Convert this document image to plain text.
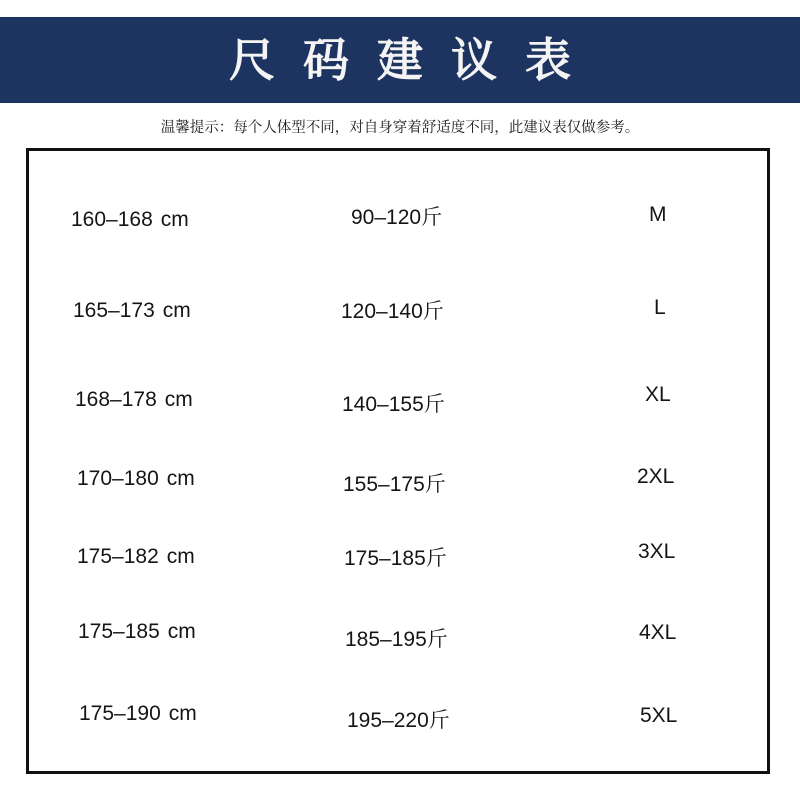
尺码建议表
温馨提示：每个人体型不同，对自身穿着舒适度不同，此建议表仅做参考。
160–168 cm	90–120斤	M
165–173 cm	120–140斤	L
168–178 cm	140–155斤	XL
170–180 cm	155–175斤	2XL
175–182 cm	175–185斤	3XL
175–185 cm	185–195斤	4XL
175–190 cm	195–220斤	5XL
